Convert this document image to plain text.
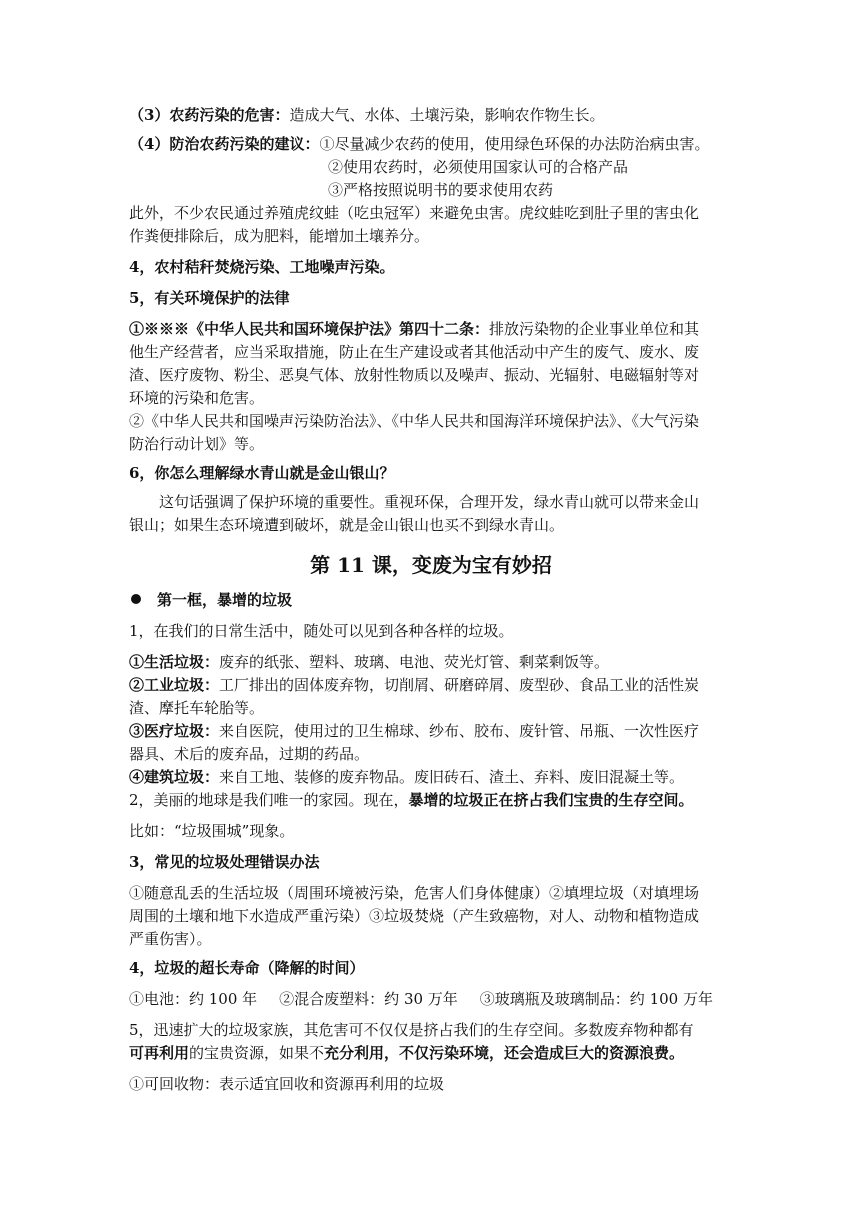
（3）农药污染的危害：造成大气、水体、土壤污染，影响农作物生长。

（4）防治农药污染的建议：①尽量减少农药的使用，使用绿色环保的办法防治病虫害。

②使用农药时，必须使用国家认可的合格产品

③严格按照说明书的要求使用农药

此外，不少农民通过养殖虎纹蛙（吃虫冠军）来避免虫害。虎纹蛙吃到肚子里的害虫化

作粪便排除后，成为肥料，能增加土壤养分。

4，农村秸秆焚烧污染、工地噪声污染。

5，有关环境保护的法律

①※※※《中华人民共和国环境保护法》第四十二条：排放污染物的企业事业单位和其

他生产经营者，应当采取措施，防止在生产建设或者其他活动中产生的废气、废水、废

渣、医疗废物、粉尘、恶臭气体、放射性物质以及噪声、振动、光辐射、电磁辐射等对

环境的污染和危害。

②《中华人民共和国噪声污染防治法》、《中华人民共和国海洋环境保护法》、《大气污染

防治行动计划》等。

6，你怎么理解绿水青山就是金山银山？

这句话强调了保护环境的重要性。重视环保，合理开发，绿水青山就可以带来金山

银山；如果生态环境遭到破坏，就是金山银山也买不到绿水青山。

第 11 课，变废为宝有妙招

第一框，暴增的垃圾

1，在我们的日常生活中，随处可以见到各种各样的垃圾。

①生活垃圾：废弃的纸张、塑料、玻璃、电池、荧光灯管、剩菜剩饭等。

②工业垃圾：工厂排出的固体废弃物，切削屑、研磨碎屑、废型砂、食品工业的活性炭

渣、摩托车轮胎等。

③医疗垃圾：来自医院，使用过的卫生棉球、纱布、胶布、废针管、吊瓶、一次性医疗

器具、术后的废弃品，过期的药品。

④建筑垃圾：来自工地、装修的废弃物品。废旧砖石、渣土、弃料、废旧混凝土等。

2，美丽的地球是我们唯一的家园。现在，暴增的垃圾正在挤占我们宝贵的生存空间。

比如：“垃圾围城”现象。

3，常见的垃圾处理错误办法

①随意乱丢的生活垃圾（周围环境被污染，危害人们身体健康）②填埋垃圾（对填埋场

周围的土壤和地下水造成严重污染）③垃圾焚烧（产生致癌物，对人、动物和植物造成

严重伤害）。

4，垃圾的超长寿命（降解的时间）

①电池：约 100 年 ②混合废塑料：约 30 万年 ③玻璃瓶及玻璃制品：约 100 万年

5，迅速扩大的垃圾家族，其危害可不仅仅是挤占我们的生存空间。多数废弃物种都有

可再利用的宝贵资源，如果不充分利用，不仅污染环境，还会造成巨大的资源浪费。

①可回收物：表示适宜回收和资源再利用的垃圾
